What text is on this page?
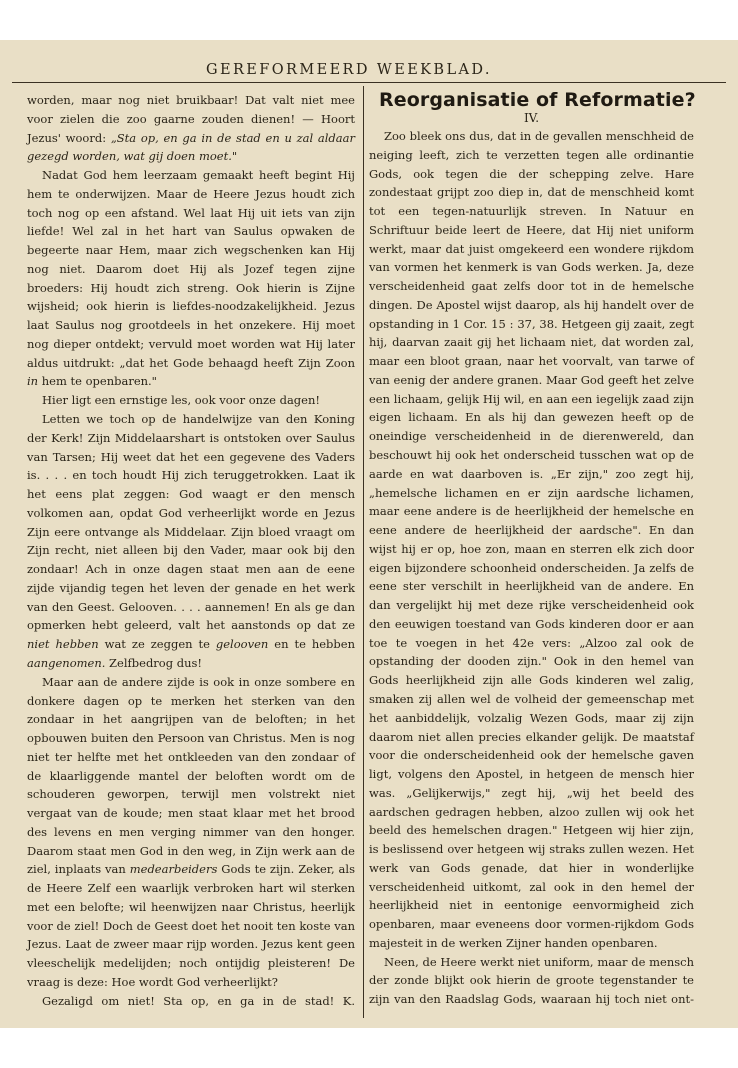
GEREFORMEERD WEEKBLAD.

worden, maar nog niet bruikbaar! Dat valt niet mee voor zielen die zoo gaarne zouden dienen! — Hoort Jezus' woord: „Sta op, en ga in de stad en u zal aldaar gezegd worden, wat gij doen moet."

Nadat God hem leerzaam gemaakt heeft begint Hij hem te onderwijzen. Maar de Heere Jezus houdt zich toch nog op een afstand. Wel laat Hij uit iets van zijn liefde! Wel zal in het hart van Saulus opwaken de begeerte naar Hem, maar zich wegschenken kan Hij nog niet. Daarom doet Hij als Jozef tegen zijne broeders: Hij houdt zich streng. Ook hierin is Zijne wijsheid; ook hierin is liefdes-noodzakelijkheid. Jezus laat Saulus nog grootdeels in het onzekere. Hij moet nog dieper ontdekt; vervuld moet worden wat Hij later aldus uitdrukt: „dat het Gode behaagd heeft Zijn Zoon in hem te openbaren."

Hier ligt een ernstige les, ook voor onze dagen!

Letten we toch op de handelwijze van den Koning der Kerk! Zijn Middelaarshart is ontstoken over Saulus van Tarsen; Hij weet dat het een gegevene des Vaders is. . . . en toch houdt Hij zich teruggetrokken. Laat ik het eens plat zeggen: God waagt er den mensch volkomen aan, opdat God verheerlijkt worde en Jezus Zijn eere ontvange als Middelaar. Zijn bloed vraagt om Zijn recht, niet alleen bij den Vader, maar ook bij den zondaar! Ach in onze dagen staat men aan de eene zijde vijandig tegen het leven der genade en het werk van den Geest. Gelooven. . . . aannemen! En als ge dan opmerken hebt geleerd, valt het aanstonds op dat ze niet hebben wat ze zeggen te gelooven en te hebben aangenomen. Zelfbedrog dus!

Maar aan de andere zijde is ook in onze sombere en donkere dagen op te merken het sterken van den zondaar in het aangrijpen van de beloften; in het opbouwen buiten den Persoon van Christus. Men is nog niet ter helfte met het ontkleeden van den zondaar of de klaarliggende mantel der beloften wordt om de schouderen geworpen, terwijl men volstrekt niet vergaat van de koude; men staat klaar met het brood des levens en men verging nimmer van den honger. Daarom staat men God in den weg, in Zijn werk aan de ziel, inplaats van medearbeiders Gods te zijn. Zeker, als de Heere Zelf een waarlijk verbroken hart wil sterken met een belofte; wil heenwijzen naar Christus, heerlijk voor de ziel! Doch de Geest doet het nooit ten koste van Jezus. Laat de zweer maar rijp worden. Jezus kent geen vleeschelijk medelijden; noch ontijdig pleisteren! De vraag is deze: Hoe wordt God verheerlijkt?

Gezaligd om niet! Sta op, en ga in de stad! K.

Reorganisatie of Reformatie?
IV.

Zoo bleek ons dus, dat in de gevallen menschheid de neiging leeft, zich te verzetten tegen alle ordinantie Gods, ook tegen die der schepping zelve. Hare zondestaat grijpt zoo diep in, dat de menschheid komt tot een tegen-natuurlijk streven. In Natuur en Schriftuur beide leert de Heere, dat Hij niet uniform werkt, maar dat juist omgekeerd een wondere rijkdom van vormen het kenmerk is van Gods werken. Ja, deze verscheidenheid gaat zelfs door tot in de hemelsche dingen. De Apostel wijst daarop, als hij handelt over de opstanding in 1 Cor. 15 : 37, 38. Hetgeen gij zaait, zegt hij, daarvan zaait gij het lichaam niet, dat worden zal, maar een bloot graan, naar het voorvalt, van tarwe of van eenig der andere granen. Maar God geeft het zelve een lichaam, gelijk Hij wil, en aan een iegelijk zaad zijn eigen lichaam. En als hij dan gewezen heeft op de oneindige verscheidenheid in de dierenwereld, dan beschouwt hij ook het onderscheid tusschen wat op de aarde en wat daarboven is. „Er zijn," zoo zegt hij, „hemelsche lichamen en er zijn aardsche lichamen, maar eene andere is de heerlijkheid der hemelsche en eene andere de heerlijkheid der aardsche". En dan wijst hij er op, hoe zon, maan en sterren elk zich door eigen bijzondere schoonheid onderscheiden. Ja zelfs de eene ster verschilt in heerlijkheid van de andere. En dan vergelijkt hij met deze rijke verscheidenheid ook den eeuwigen toestand van Gods kinderen door er aan toe te voegen in het 42e vers: „Alzoo zal ook de opstanding der dooden zijn." Ook in den hemel van Gods heerlijkheid zijn alle Gods kinderen wel zalig, smaken zij allen wel de volheid der gemeenschap met het aanbiddelijk, volzalig Wezen Gods, maar zij zijn daarom niet allen precies elkander gelijk. De maatstaf voor die onderscheidenheid ook der hemelsche gaven ligt, volgens den Apostel, in hetgeen de mensch hier was. „Gelijkerwijs," zegt hij, „wij het beeld des aardschen gedragen hebben, alzoo zullen wij ook het beeld des hemelschen dragen." Hetgeen wij hier zijn, is beslissend over hetgeen wij straks zullen wezen. Het werk van Gods genade, dat hier in wonderlijke verscheidenheid uitkomt, zal ook in den hemel der heerlijkheid niet in eentonige eenvormigheid zich openbaren, maar eveneens door vormen-rijkdom Gods majesteit in de werken Zijner handen openbaren.

Neen, de Heere werkt niet uniform, maar de mensch der zonde blijkt ook hierin de groote tegenstander te zijn van den Raadslag Gods, waaraan hij toch niet ont-
